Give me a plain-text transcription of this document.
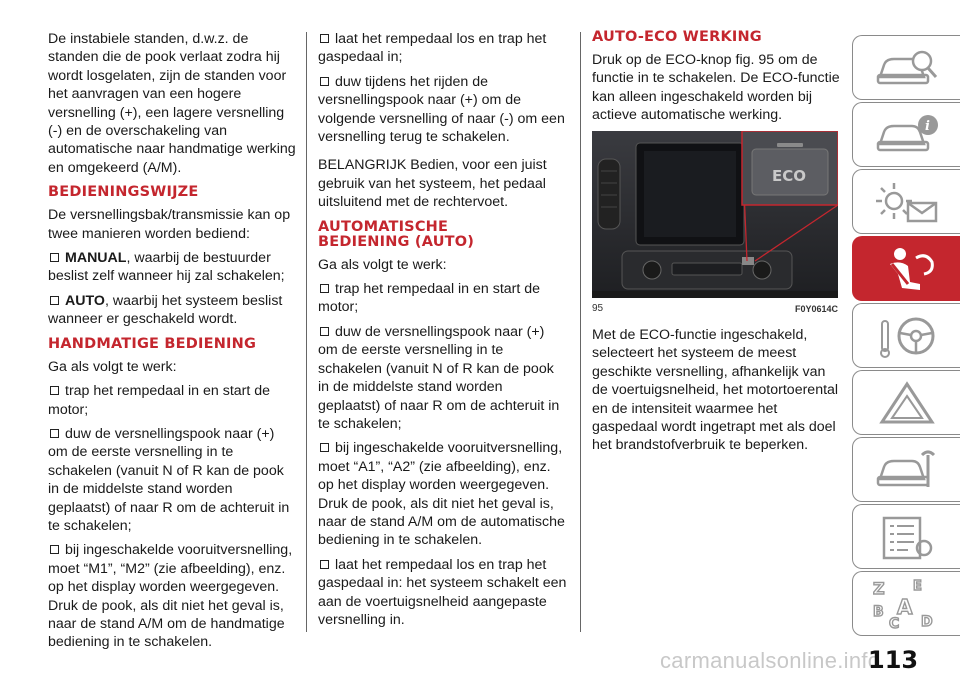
De instabiele standen, d.w.z. de standen die de pook verlaat zodra hij wordt losgelaten, zijn de standen voor het aanvragen van een hogere versnelling (+), een lagere versnelling (-) en de overschakeling van automatische naar handmatige werking en omgekeerd (A/M).

BEDIENINGSWIJZE

De versnellingsbak/transmissie kan op twee manieren worden bediend:

MANUAL, waarbij de bestuurder beslist zelf wanneer hij zal schakelen;

AUTO, waarbij het systeem beslist wanneer er geschakeld wordt.

HANDMATIGE BEDIENING

Ga als volgt te werk:

trap het rempedaal in en start de motor;

duw de versnellingspook naar (+) om de eerste versnelling in te schakelen (vanuit N of R kan de pook in de middelste stand worden geplaatst) of naar R om de achteruit in te schakelen;

bij ingeschakelde vooruitversnelling, moet “M1”, “M2” (zie afbeelding), enz. op het display worden weergegeven. Druk de pook, als dit niet het geval is, naar de stand A/M om de handmatige bediening in te schakelen.

laat het rempedaal los en trap het gaspedaal in;

duw tijdens het rijden de versnellingspook naar (+) om de volgende versnelling of naar (-) om een versnelling terug te schakelen.

BELANGRIJK Bedien, voor een juist gebruik van het systeem, het pedaal uitsluitend met de rechtervoet.

AUTOMATISCHE
BEDIENING (AUTO)

Ga als volgt te werk:

trap het rempedaal in en start de motor;

duw de versnellingspook naar (+) om de eerste versnelling in te schakelen (vanuit N of R kan de pook in de middelste stand worden geplaatst) of naar R om de achteruit in te schakelen;

bij ingeschakelde vooruitversnelling, moet “A1”, “A2” (zie afbeelding), enz. op het display worden weergegeven. Druk de pook, als dit niet het geval is, naar de stand A/M om de automatische bediening in te schakelen.

laat het rempedaal los en trap het gaspedaal in: het systeem schakelt een aan de voertuigsnelheid aangepaste versnelling in.

AUTO-ECO WERKING

Druk op de ECO-knop fig. 95 om de functie in te schakelen. De ECO-functie kan alleen ingeschakeld worden bij actieve automatische werking.

ECO
95	F0Y0614C

Met de ECO-functie ingeschakeld, selecteert het systeem de meest geschikte versnelling, afhankelijk van de voertuigsnelheid, het motortoerental en de intensiteit waarmee het gaspedaal wordt ingetrapt met als doel het brandstofverbruik te beperken.

i
Z E
A
B
C D
carmanualsonline.info
113
